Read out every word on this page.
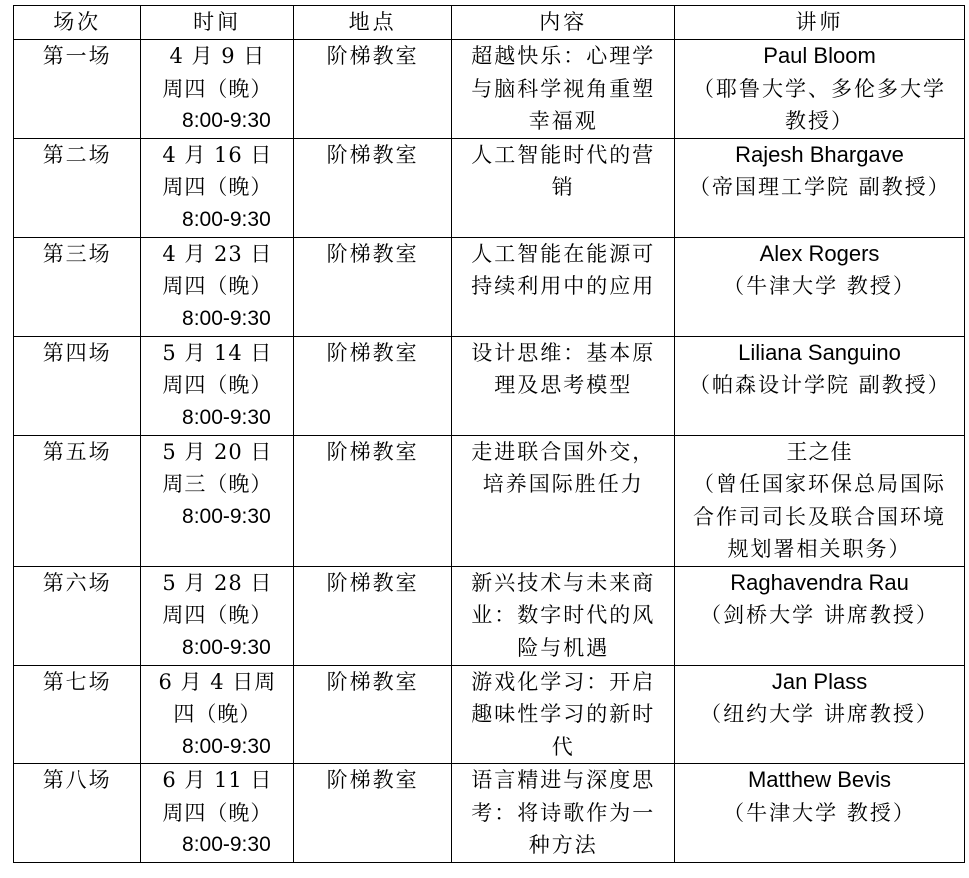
场次	时间	地点	内容	讲师
第一场	4 月 9 日
周四（晚）
8:00-9:30	阶梯教室	超越快乐：心理学与脑科学视角重塑幸福观	Paul Bloom
（耶鲁大学、多伦多大学教授）

第二场	4 月 16 日
周四（晚）
8:00-9:30	阶梯教室	人工智能时代的营销	Rajesh Bhargave
（帝国理工学院 副教授）

第三场	4 月 23 日
周四（晚）
8:00-9:30	阶梯教室	人工智能在能源可持续利用中的应用	Alex Rogers
（牛津大学 教授）

第四场	5 月 14 日
周四（晚）
8:00-9:30	阶梯教室	设计思维：基本原理及思考模型	Liliana Sanguino
（帕森设计学院 副教授）

第五场	5 月 20 日
周三（晚）
8:00-9:30	阶梯教室	走进联合国外交，培养国际胜任力	王之佳
（曾任国家环保总局国际合作司司长及联合国环境规划署相关职务）

第六场	5 月 28 日周四（晚）
8:00-9:30	阶梯教室	新兴技术与未来商业：数字时代的风险与机遇	Raghavendra Rau
（剑桥大学 讲席教授）

第七场	6 月 4 日周四（晚）
8:00-9:30	阶梯教室	游戏化学习：开启趣味性学习的新时代	Jan Plass
（纽约大学 讲席教授）

第八场	6 月 11 日
周四（晚）
8:00-9:30	阶梯教室	语言精进与深度思考：将诗歌作为一种方法	Matthew Bevis
（牛津大学 教授）
